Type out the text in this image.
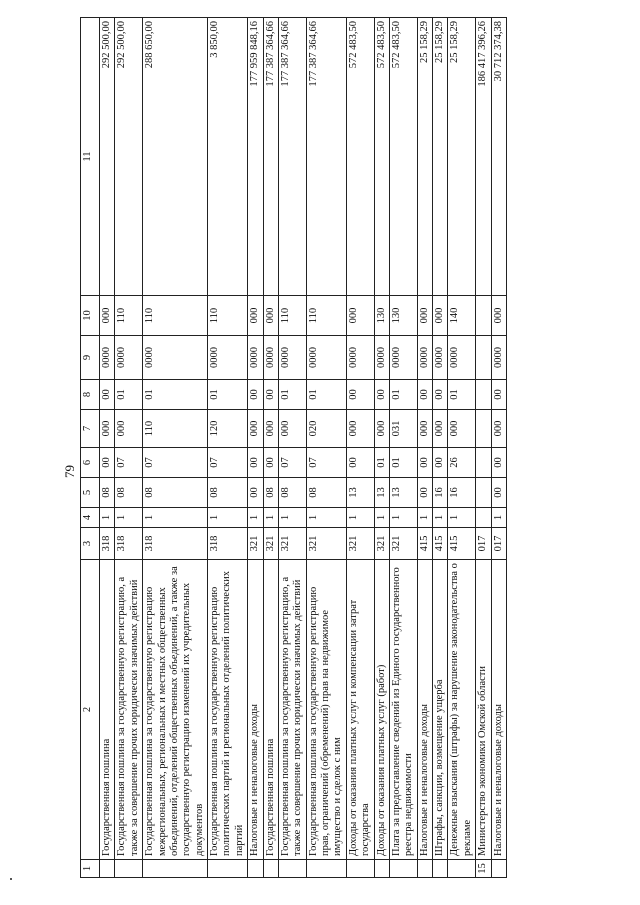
79
1	2	3	4	5	6	7	8	9	10	11
	Государственная пошлина	318	1	08	00	000	00	0000	000	292 500,00
	Государственная пошлина за государственную регистрацию, а также за совершение прочих юридически значимых действий	318	1	08	07	000	01	0000	110	292 500,00
	Государственная пошлина за государственную регистрацию межрегиональных, региональных и местных общественных объединений, отделений общественных объединений, а также за государственную регистрацию изменений их учредительных документов	318	1	08	07	110	01	0000	110	288 650,00
	Государственная пошлина за государственную регистрацию политических партий и региональных отделений политических партий	318	1	08	07	120	01	0000	110	3 850,00
	Налоговые и неналоговые доходы	321	1	00	00	000	00	0000	000	177 959 848,16
	Государственная пошлина	321	1	08	00	000	00	0000	000	177 387 364,66
	Государственная пошлина за государственную регистрацию, а также за совершение прочих юридически значимых действий	321	1	08	07	000	01	0000	110	177 387 364,66
	Государственная пошлина за государственную регистрацию прав, ограничений (обременений) прав на недвижимое имущество и сделок с ним	321	1	08	07	020	01	0000	110	177 387 364,66
	Доходы от оказания платных услуг и компенсации затрат государства	321	1	13	00	000	00	0000	000	572 483,50
	Доходы от оказания платных услуг (работ)	321	1	13	01	000	00	0000	130	572 483,50
	Плата за предоставление сведений из Единого государственного реестра недвижимости	321	1	13	01	031	01	0000	130	572 483,50
	Налоговые и неналоговые доходы	415	1	00	00	000	00	0000	000	25 158,29
	Штрафы, санкции, возмещение ущерба	415	1	16	00	000	00	0000	000	25 158,29
	Денежные взыскания (штрафы) за нарушение законодательства о рекламе	415	1	16	26	000	01	0000	140	25 158,29
15	Министерство экономики Омской области	017								186 417 396,26
	Налоговые и неналоговые доходы	017	1	00	00	000	00	0000	000	30 712 374,38
